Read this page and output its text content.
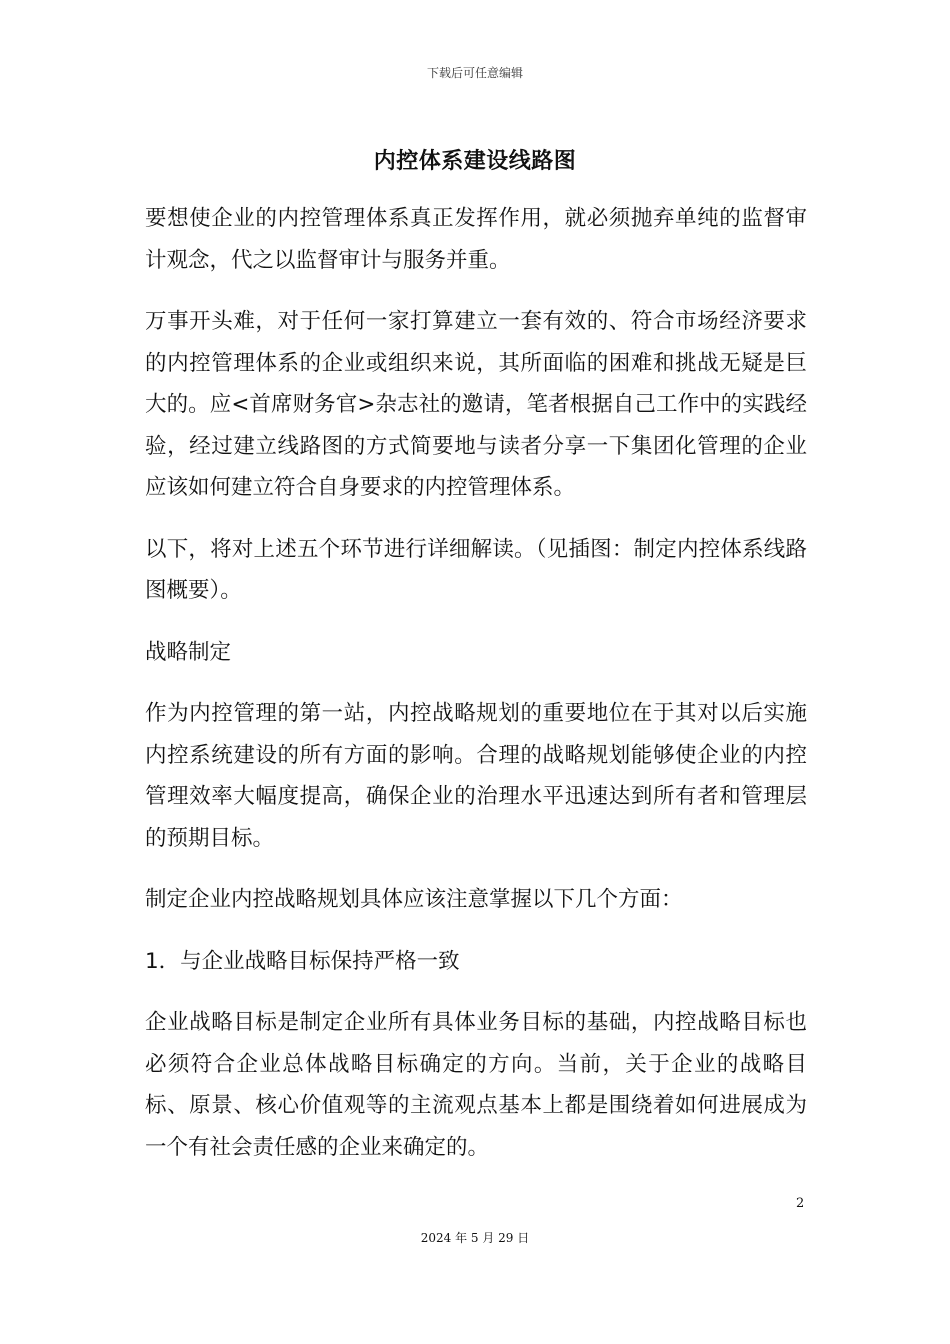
下载后可任意编辑
内控体系建设线路图

要想使企业的内控管理体系真正发挥作用，就必须抛弃单纯的监督审计观念，代之以监督审计与服务并重。

万事开头难，对于任何一家打算建立一套有效的、符合市场经济要求的内控管理体系的企业或组织来说，其所面临的困难和挑战无疑是巨大的。应<首席财务官>杂志社的邀请，笔者根据自己工作中的实践经验，经过建立线路图的方式简要地与读者分享一下集团化管理的企业应该如何建立符合自身要求的内控管理体系。

以下，将对上述五个环节进行详细解读。（见插图：制定内控体系线路图概要）。

战略制定

作为内控管理的第一站，内控战略规划的重要地位在于其对以后实施内控系统建设的所有方面的影响。合理的战略规划能够使企业的内控管理效率大幅度提高，确保企业的治理水平迅速达到所有者和管理层的预期目标。

制定企业内控战略规划具体应该注意掌握以下几个方面：

1．与企业战略目标保持严格一致

企业战略目标是制定企业所有具体业务目标的基础，内控战略目标也必须符合企业总体战略目标确定的方向。当前，关于企业的战略目标、原景、核心价值观等的主流观点基本上都是围绕着如何进展成为一个有社会责任感的企业来确定的。

2
2024 年 5 月 29 日
